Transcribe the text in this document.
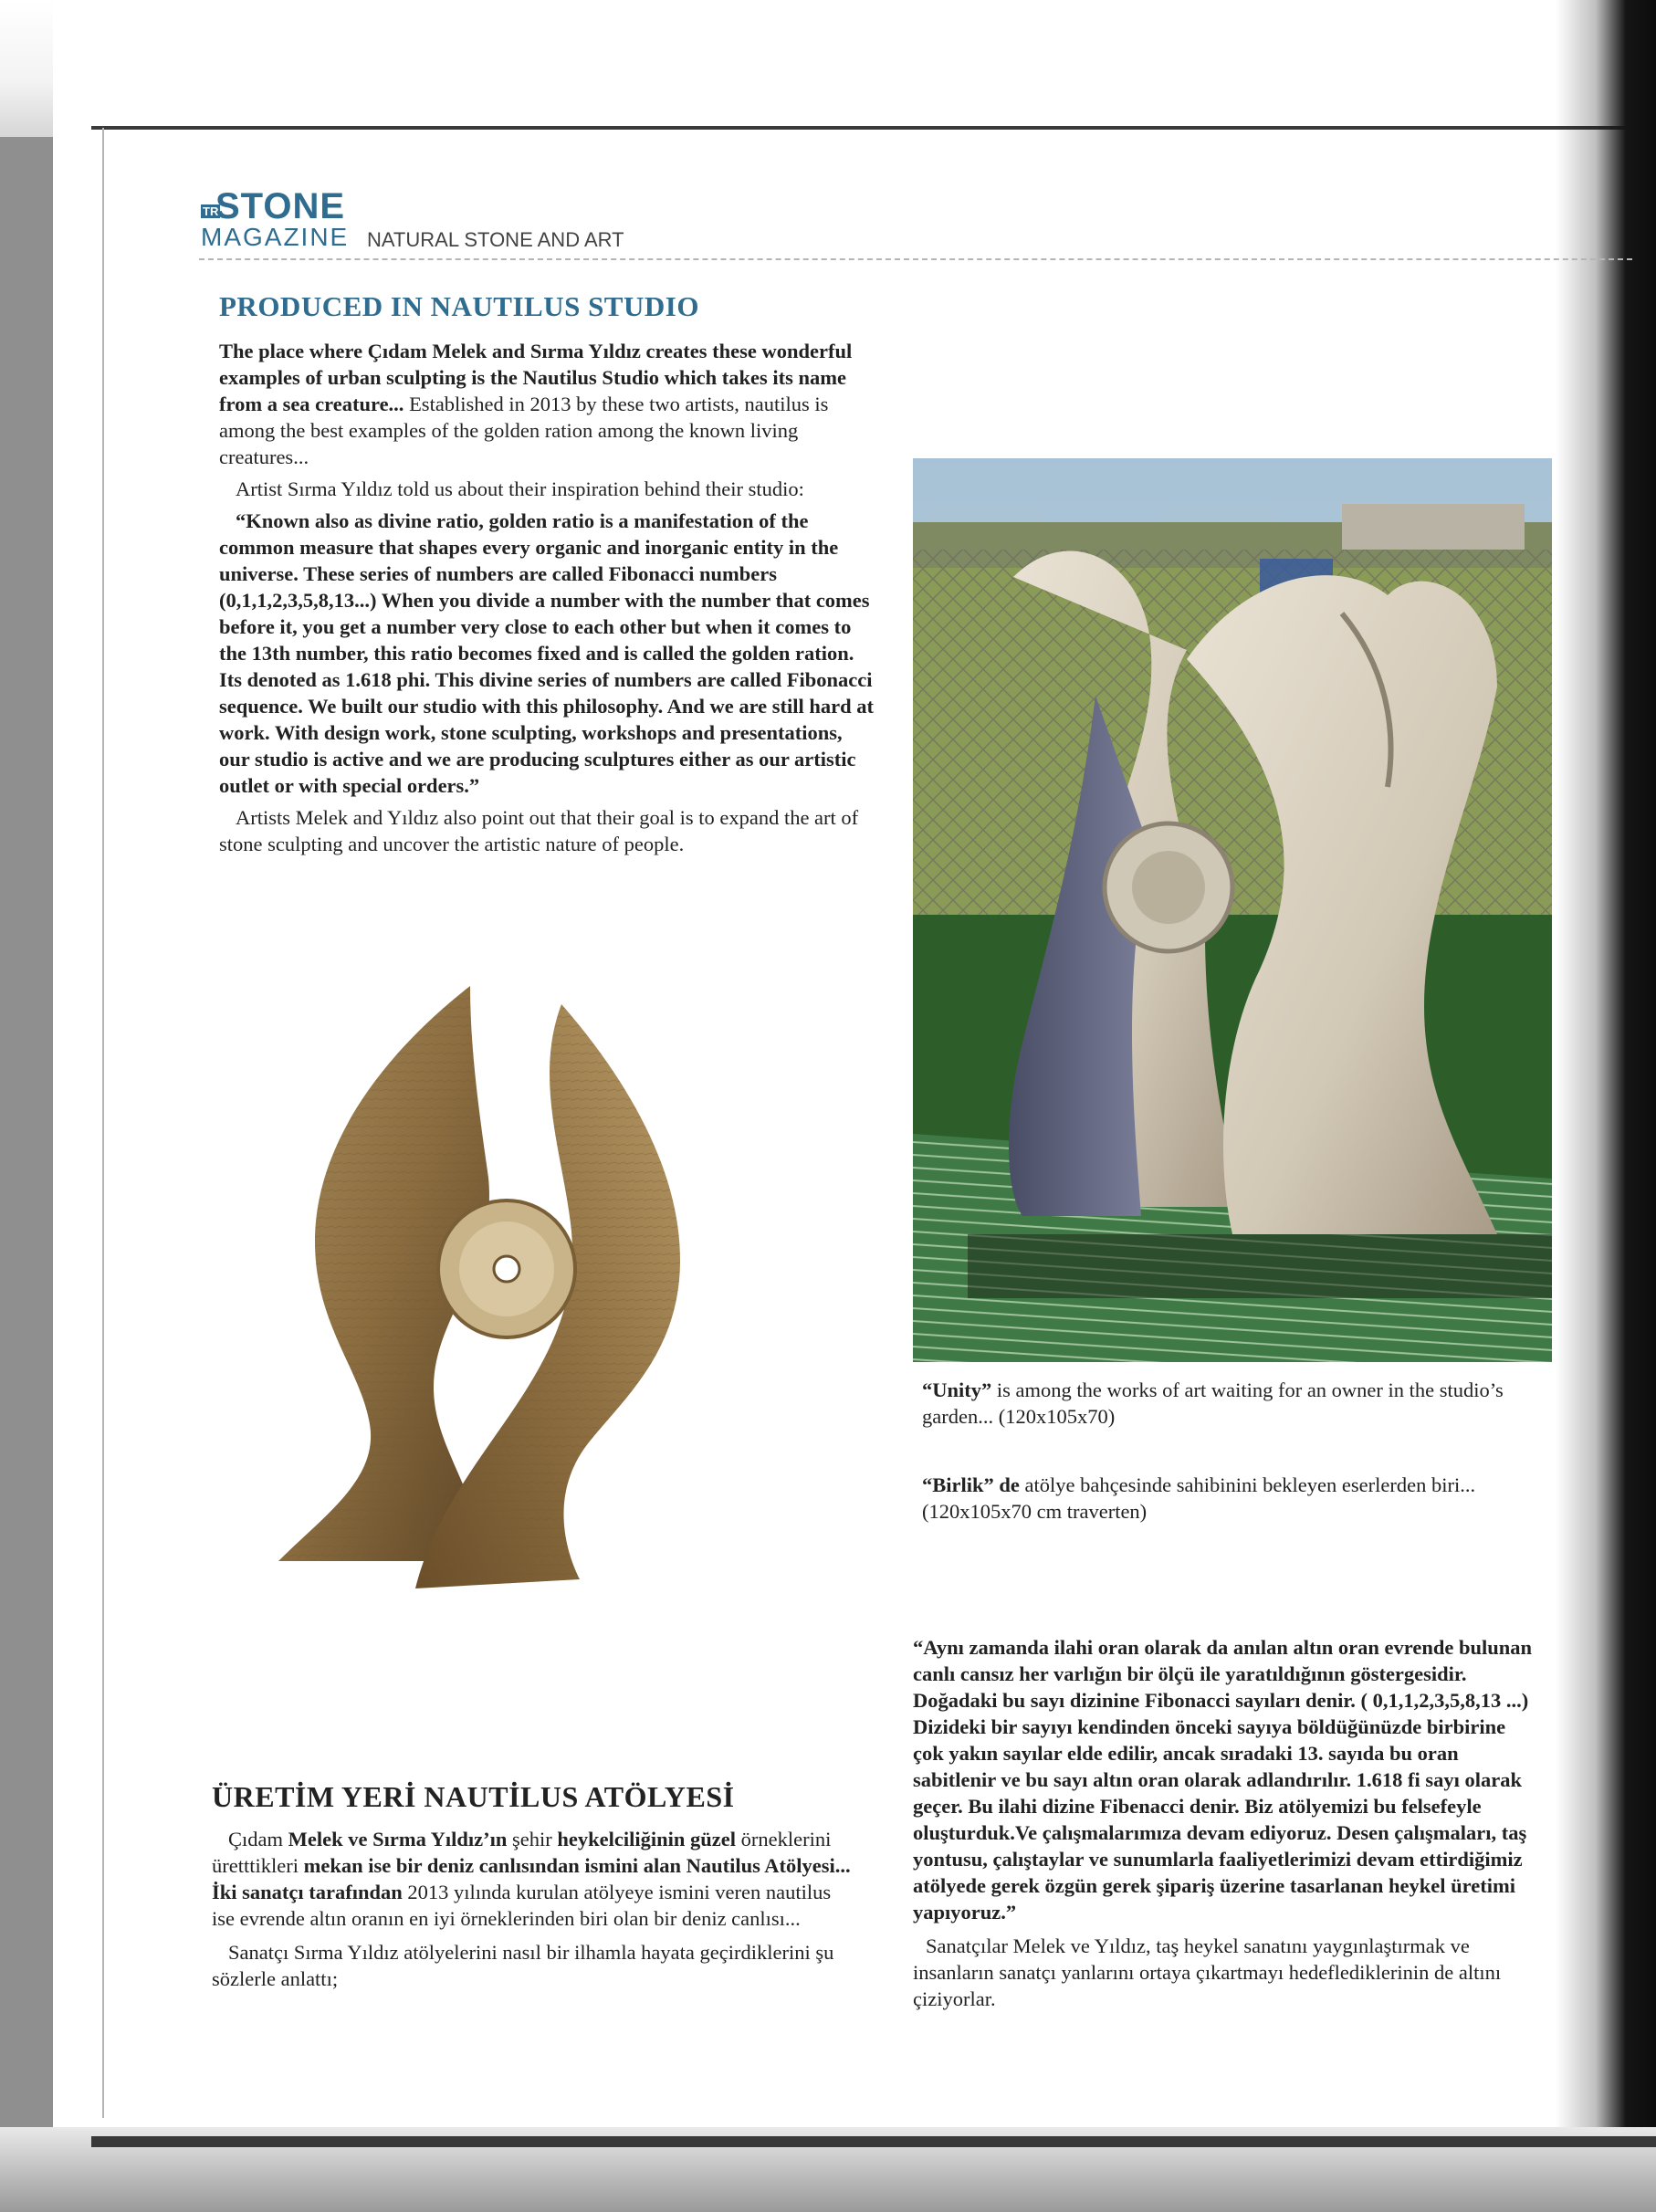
TR
STONE
MAGAZINE NATURAL STONE AND ART
PRODUCED IN NAUTILUS STUDIO

The place where Çıdam Melek and Sırma Yıldız creates these wonderful examples of urban sculpting is the Nautilus Studio which takes its name from a sea creature... Established in 2013 by these two artists, nautilus is among the best examples of the golden ration among the known living creatures...

Artist Sırma Yıldız told us about their inspiration behind their studio:

“Known also as divine ratio, golden ratio is a manifestation of the common measure that shapes every organic and inorganic entity in the universe. These series of numbers are called Fibonacci numbers (0,1,1,2,3,5,8,13...) When you divide a number with the number that comes before it, you get a number very close to each other but when it comes to the 13th number, this ratio becomes fixed and is called the golden ration. Its denoted as 1.618 phi. This divine series of numbers are called Fibonacci sequence. We built our studio with this philosophy. And we are still hard at work. With design work, stone sculpting, workshops and presentations, our studio is active and we are producing sculptures either as our artistic outlet or with special orders.”

Artists Melek and Yıldız also point out that their goal is to expand the art of stone sculpting and uncover the artistic nature of people.

“Unity” is among the works of art waiting for an owner in the studio’s garden... (120x105x70)
“Birlik” de atölye bahçesinde sahibinini bekleyen eserlerden biri... (120x105x70 cm traverten)
ÜRETİM YERİ NAUTİLUS ATÖLYESİ

Çıdam Melek ve Sırma Yıldız’ın şehir heykelciliğinin güzel örneklerini üretttikleri mekan ise bir deniz canlısından ismini alan Nautilus Atölyesi... İki sanatçı tarafından 2013 yılında kurulan atölyeye ismini veren nautilus ise evrende altın oranın en iyi örneklerinden biri olan bir deniz canlısı...

Sanatçı Sırma Yıldız atölyelerini nasıl bir ilhamla hayata geçirdiklerini şu sözlerle anlattı;

“Aynı zamanda ilahi oran olarak da anılan altın oran evrende bulunan canlı cansız her varlığın bir ölçü ile yaratıldığının göstergesidir. Doğadaki bu sayı dizinine Fibonacci sayıları denir. ( 0,1,1,2,3,5,8,13 ...) Dizideki bir sayıyı kendinden önceki sayıya böldüğünüzde birbirine çok yakın sayılar elde edilir, ancak sıradaki 13. sayıda bu oran sabitlenir ve bu sayı altın oran olarak adlandırılır. 1.618 fi sayı olarak geçer. Bu ilahi dizine Fibenacci denir. Biz atölyemizi bu felsefeyle oluşturduk.Ve çalışmalarımıza devam ediyoruz. Desen çalışmaları, taş yontusu, çalıştaylar ve sunumlarla faaliyetlerimizi devam ettirdiğimiz atölyede gerek özgün gerek şipariş üzerine tasarlanan heykel üretimi yapıyoruz.”

Sanatçılar Melek ve Yıldız, taş heykel sanatını yaygınlaştırmak ve insanların sanatçı yanlarını ortaya çıkartmayı hedeflediklerinin de altını çiziyorlar.
